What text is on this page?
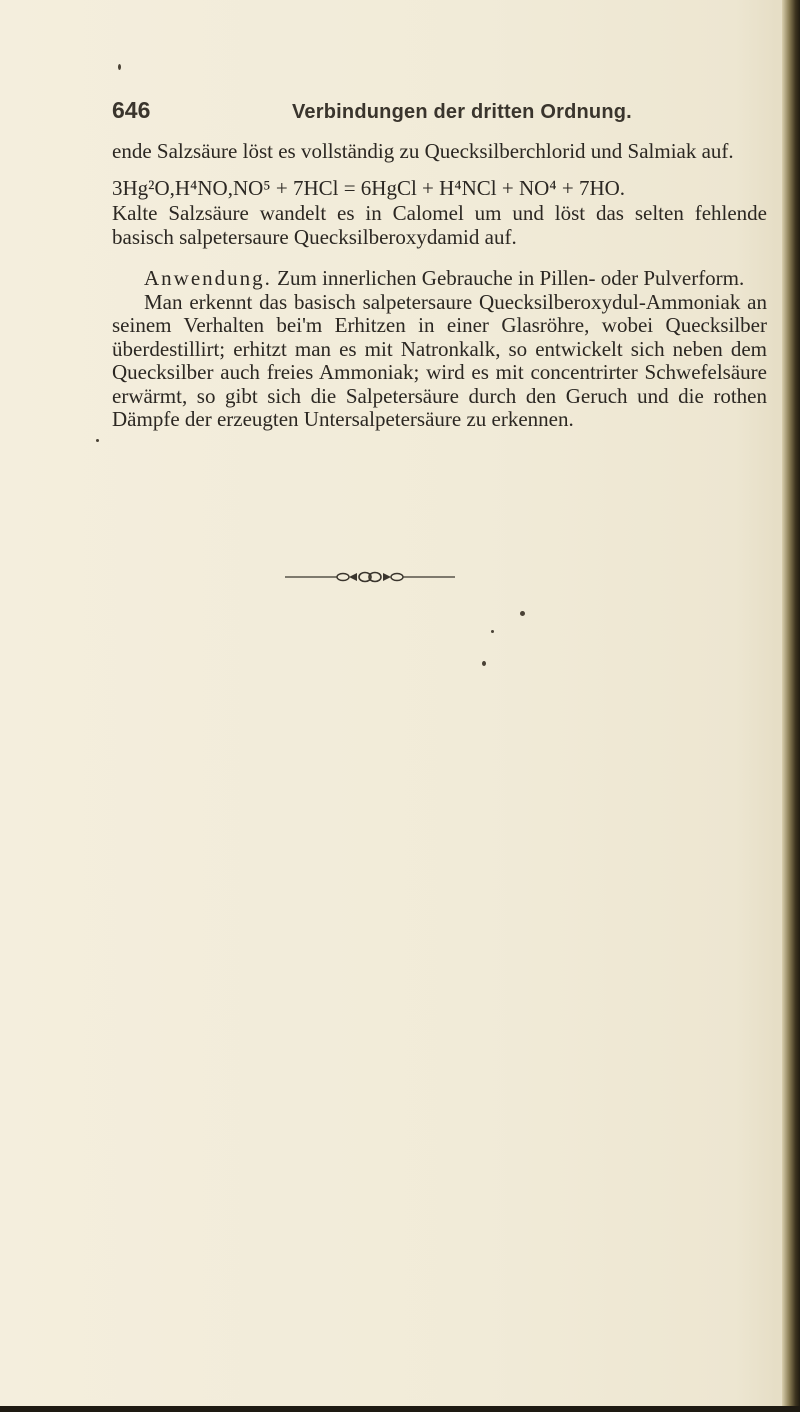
646	Verbindungen der dritten Ordnung.

ende Salzsäure löst es vollständig zu Quecksilberchlorid und Salmiak auf.

3Hg²O,H⁴NO,NO⁵ + 7HCl = 6HgCl + H⁴NCl + NO⁴ + 7HO.

Kalte Salzsäure wandelt es in Calomel um und löst das selten fehlende basisch salpetersaure Quecksilberoxydamid auf.

Anwendung. Zum innerlichen Gebrauche in Pillen- oder Pulverform.

Man erkennt das basisch salpetersaure Quecksilberoxydul-Ammoniak an seinem Verhalten bei'm Erhitzen in einer Glasröhre, wobei Quecksilber überdestillirt; erhitzt man es mit Natronkalk, so entwickelt sich neben dem Quecksilber auch freies Ammoniak; wird es mit concentrirter Schwefelsäure erwärmt, so gibt sich die Salpetersäure durch den Geruch und die rothen Dämpfe der erzeugten Untersalpetersäure zu erkennen.
